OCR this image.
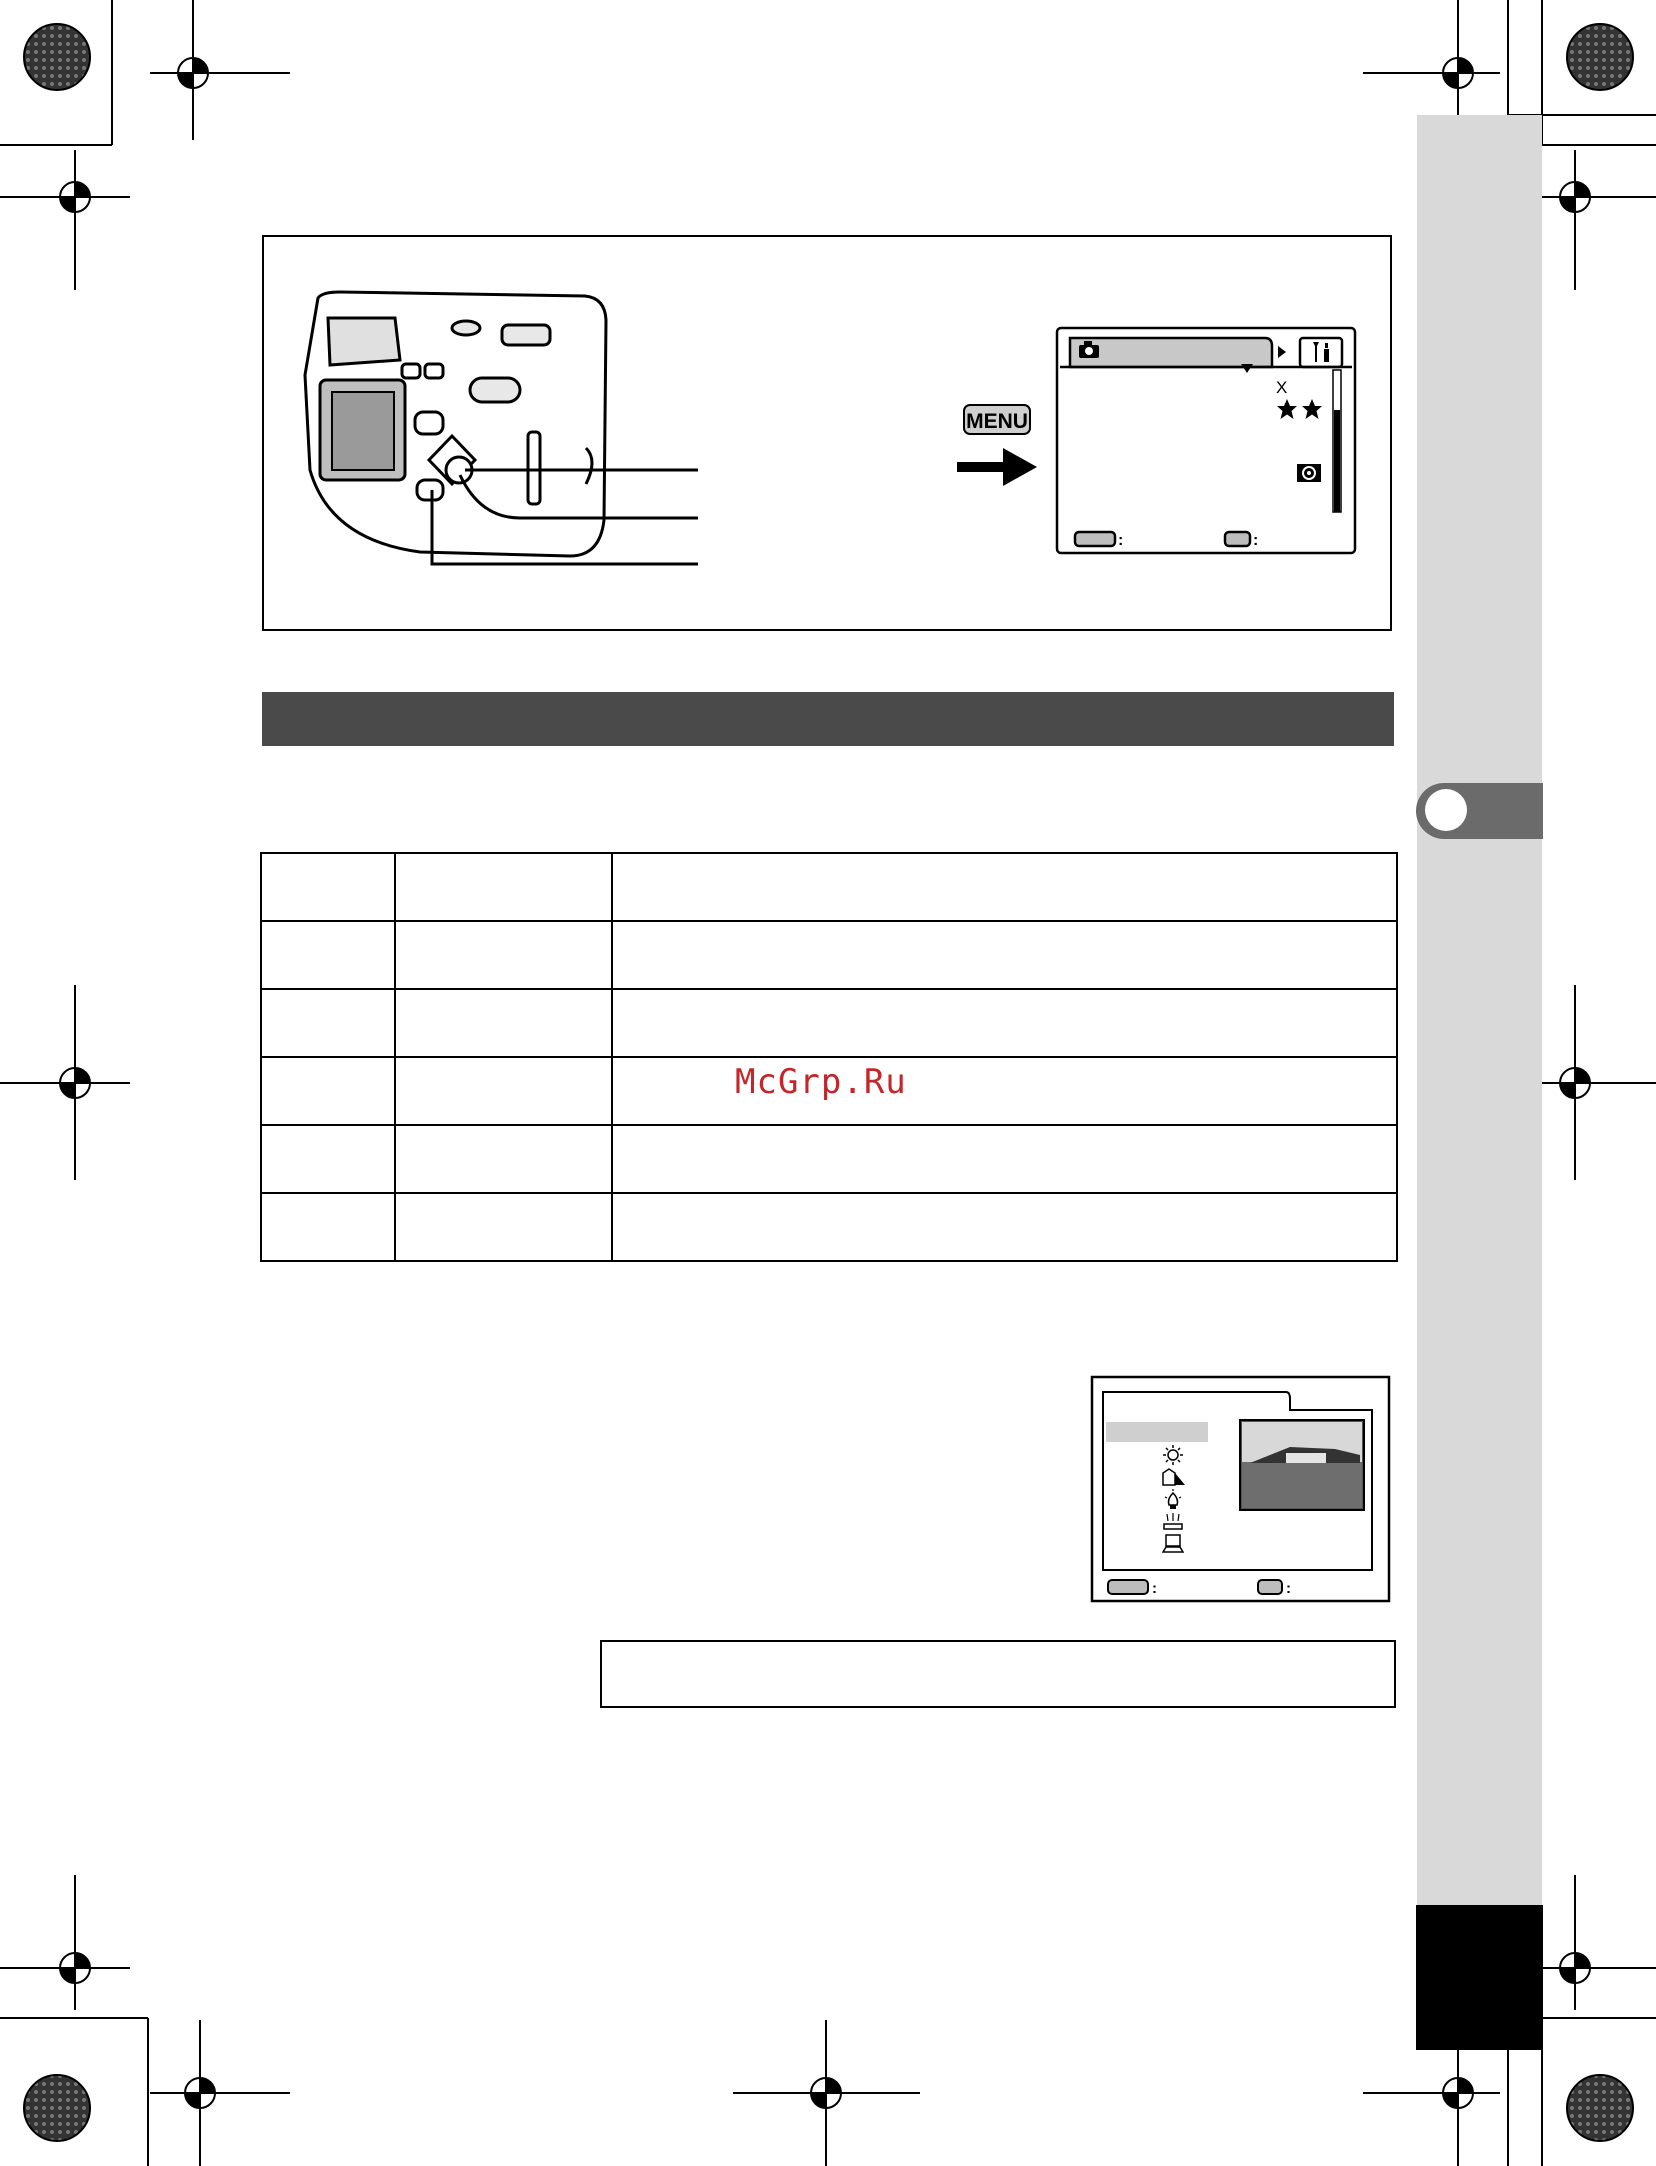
:	:
X
MENU

McGrp.Ru
:	:
